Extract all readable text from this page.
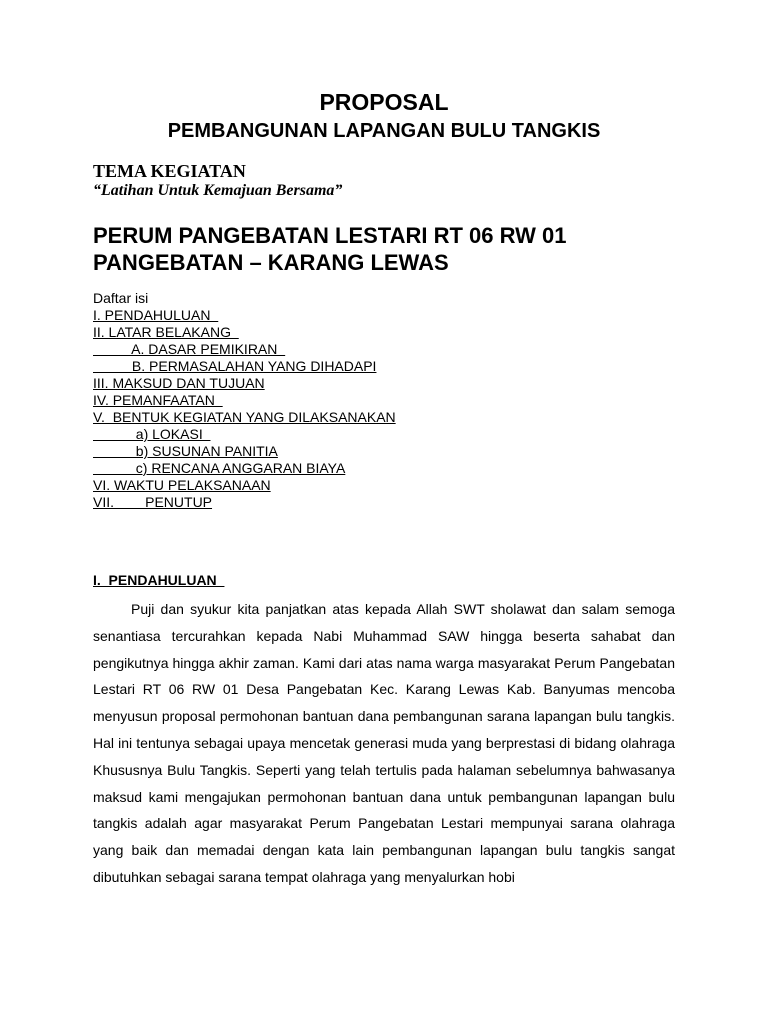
PROPOSAL
PEMBANGUNAN LAPANGAN BULU TANGKIS
TEMA KEGIATAN
“Latihan Untuk Kemajuan Bersama”
PERUM PANGEBATAN LESTARI RT 06 RW 01
PANGEBATAN – KARANG LEWAS
Daftar isi
I. PENDAHULUAN
II. LATAR BELAKANG
A. DASAR PEMIKIRAN
B. PERMASALAHAN YANG DIHADAPI
III. MAKSUD DAN TUJUAN
IV. PEMANFAATAN
V.  BENTUK KEGIATAN YANG DILAKSANAKAN
a) LOKASI
b) SUSUNAN PANITIA
c) RENCANA ANGGARAN BIAYA
VI. WAKTU PELAKSANAAN
VII.        PENUTUP
I.  PENDAHULUAN
Puji dan syukur kita panjatkan atas kepada Allah SWT sholawat dan salam semoga senantiasa tercurahkan kepada Nabi Muhammad SAW hingga beserta sahabat dan pengikutnya hingga akhir zaman. Kami dari atas nama warga masyarakat Perum Pangebatan Lestari RT 06 RW 01 Desa Pangebatan Kec. Karang Lewas Kab. Banyumas mencoba menyusun proposal permohonan bantuan dana pembangunan sarana lapangan bulu tangkis. Hal ini tentunya sebagai upaya mencetak generasi muda yang berprestasi di bidang olahraga Khususnya Bulu Tangkis. Seperti yang telah tertulis pada halaman sebelumnya bahwasanya maksud kami mengajukan permohonan bantuan dana untuk pembangunan lapangan bulu tangkis adalah agar masyarakat Perum Pangebatan Lestari mempunyai sarana olahraga yang baik dan memadai dengan kata lain pembangunan lapangan bulu tangkis sangat dibutuhkan sebagai sarana tempat olahraga yang menyalurkan hobi
